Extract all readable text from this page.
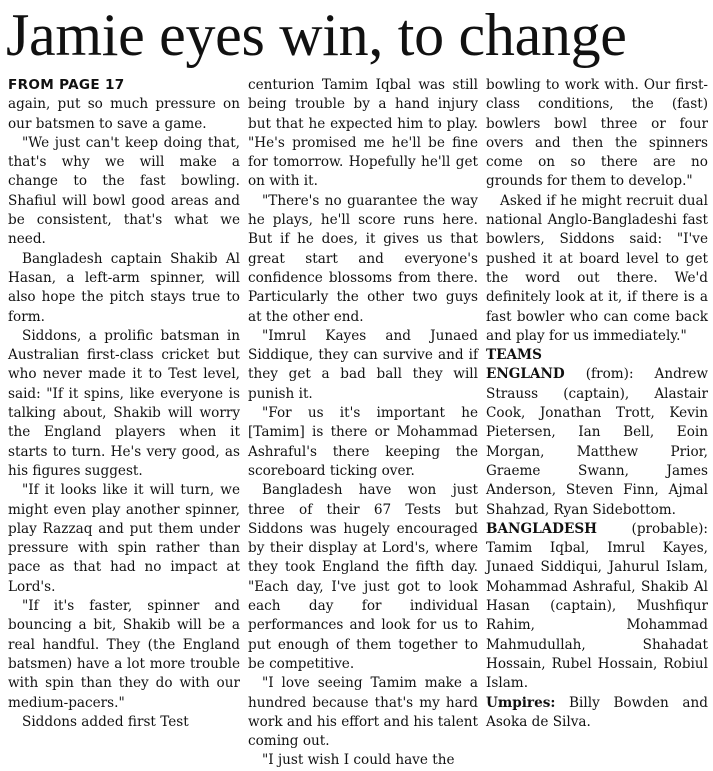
Jamie eyes win, to change

FROM PAGE 17

again, put so much pressure on our batsmen to save a game.

"We just can't keep doing that, that's why we will make a change to the fast bowling. Shafiul will bowl good areas and be consistent, that's what we need.

Bangladesh captain Shakib Al Hasan, a left-arm spinner, will also hope the pitch stays true to form.

Siddons, a prolific batsman in Australian first-class cricket but who never made it to Test level, said: "If it spins, like everyone is talking about, Shakib will worry the England players when it starts to turn. He's very good, as his figures suggest.

"If it looks like it will turn, we might even play another spinner, play Razzaq and put them under pressure with spin rather than pace as that had no impact at Lord's.

"If it's faster, spinner and bouncing a bit, Shakib will be a real handful. They (the England batsmen) have a lot more trouble with spin than they do with our medium-pacers."

Siddons added first Test

centurion Tamim Iqbal was still being trouble by a hand injury but that he expected him to play. "He's promised me he'll be fine for tomorrow. Hopefully he'll get on with it.

"There's no guarantee the way he plays, he'll score runs here. But if he does, it gives us that great start and everyone's confidence blossoms from there. Particularly the other two guys at the other end.

"Imrul Kayes and Junaed Siddique, they can survive and if they get a bad ball they will punish it.

"For us it's important he [Tamim] is there or Mohammad Ashraful's there keeping the scoreboard ticking over.

Bangladesh have won just three of their 67 Tests but Siddons was hugely encouraged by their display at Lord's, where they took England the fifth day. "Each day, I've just got to look each day for individual performances and look for us to put enough of them together to be competitive.

"I love seeing Tamim make a hundred because that's my hard work and his effort and his talent coming out.

"I just wish I could have the

bowling to work with. Our first-class conditions, the (fast) bowlers bowl three or four overs and then the spinners come on so there are no grounds for them to develop."

Asked if he might recruit dual national Anglo-Bangladeshi fast bowlers, Siddons said: "I've pushed it at board level to get the word out there. We'd definitely look at it, if there is a fast bowler who can come back and play for us immediately."

TEAMS

ENGLAND (from): Andrew Strauss (captain), Alastair Cook, Jonathan Trott, Kevin Pietersen, Ian Bell, Eoin Morgan, Matthew Prior, Graeme Swann, James Anderson, Steven Finn, Ajmal Shahzad, Ryan Sidebottom.

BANGLADESH (probable): Tamim Iqbal, Imrul Kayes, Junaed Siddiqui, Jahurul Islam, Mohammad Ashraful, Shakib Al Hasan (captain), Mushfiqur Rahim, Mohammad Mahmudullah, Shahadat Hossain, Rubel Hossain, Robiul Islam.

Umpires: Billy Bowden and Asoka de Silva.
